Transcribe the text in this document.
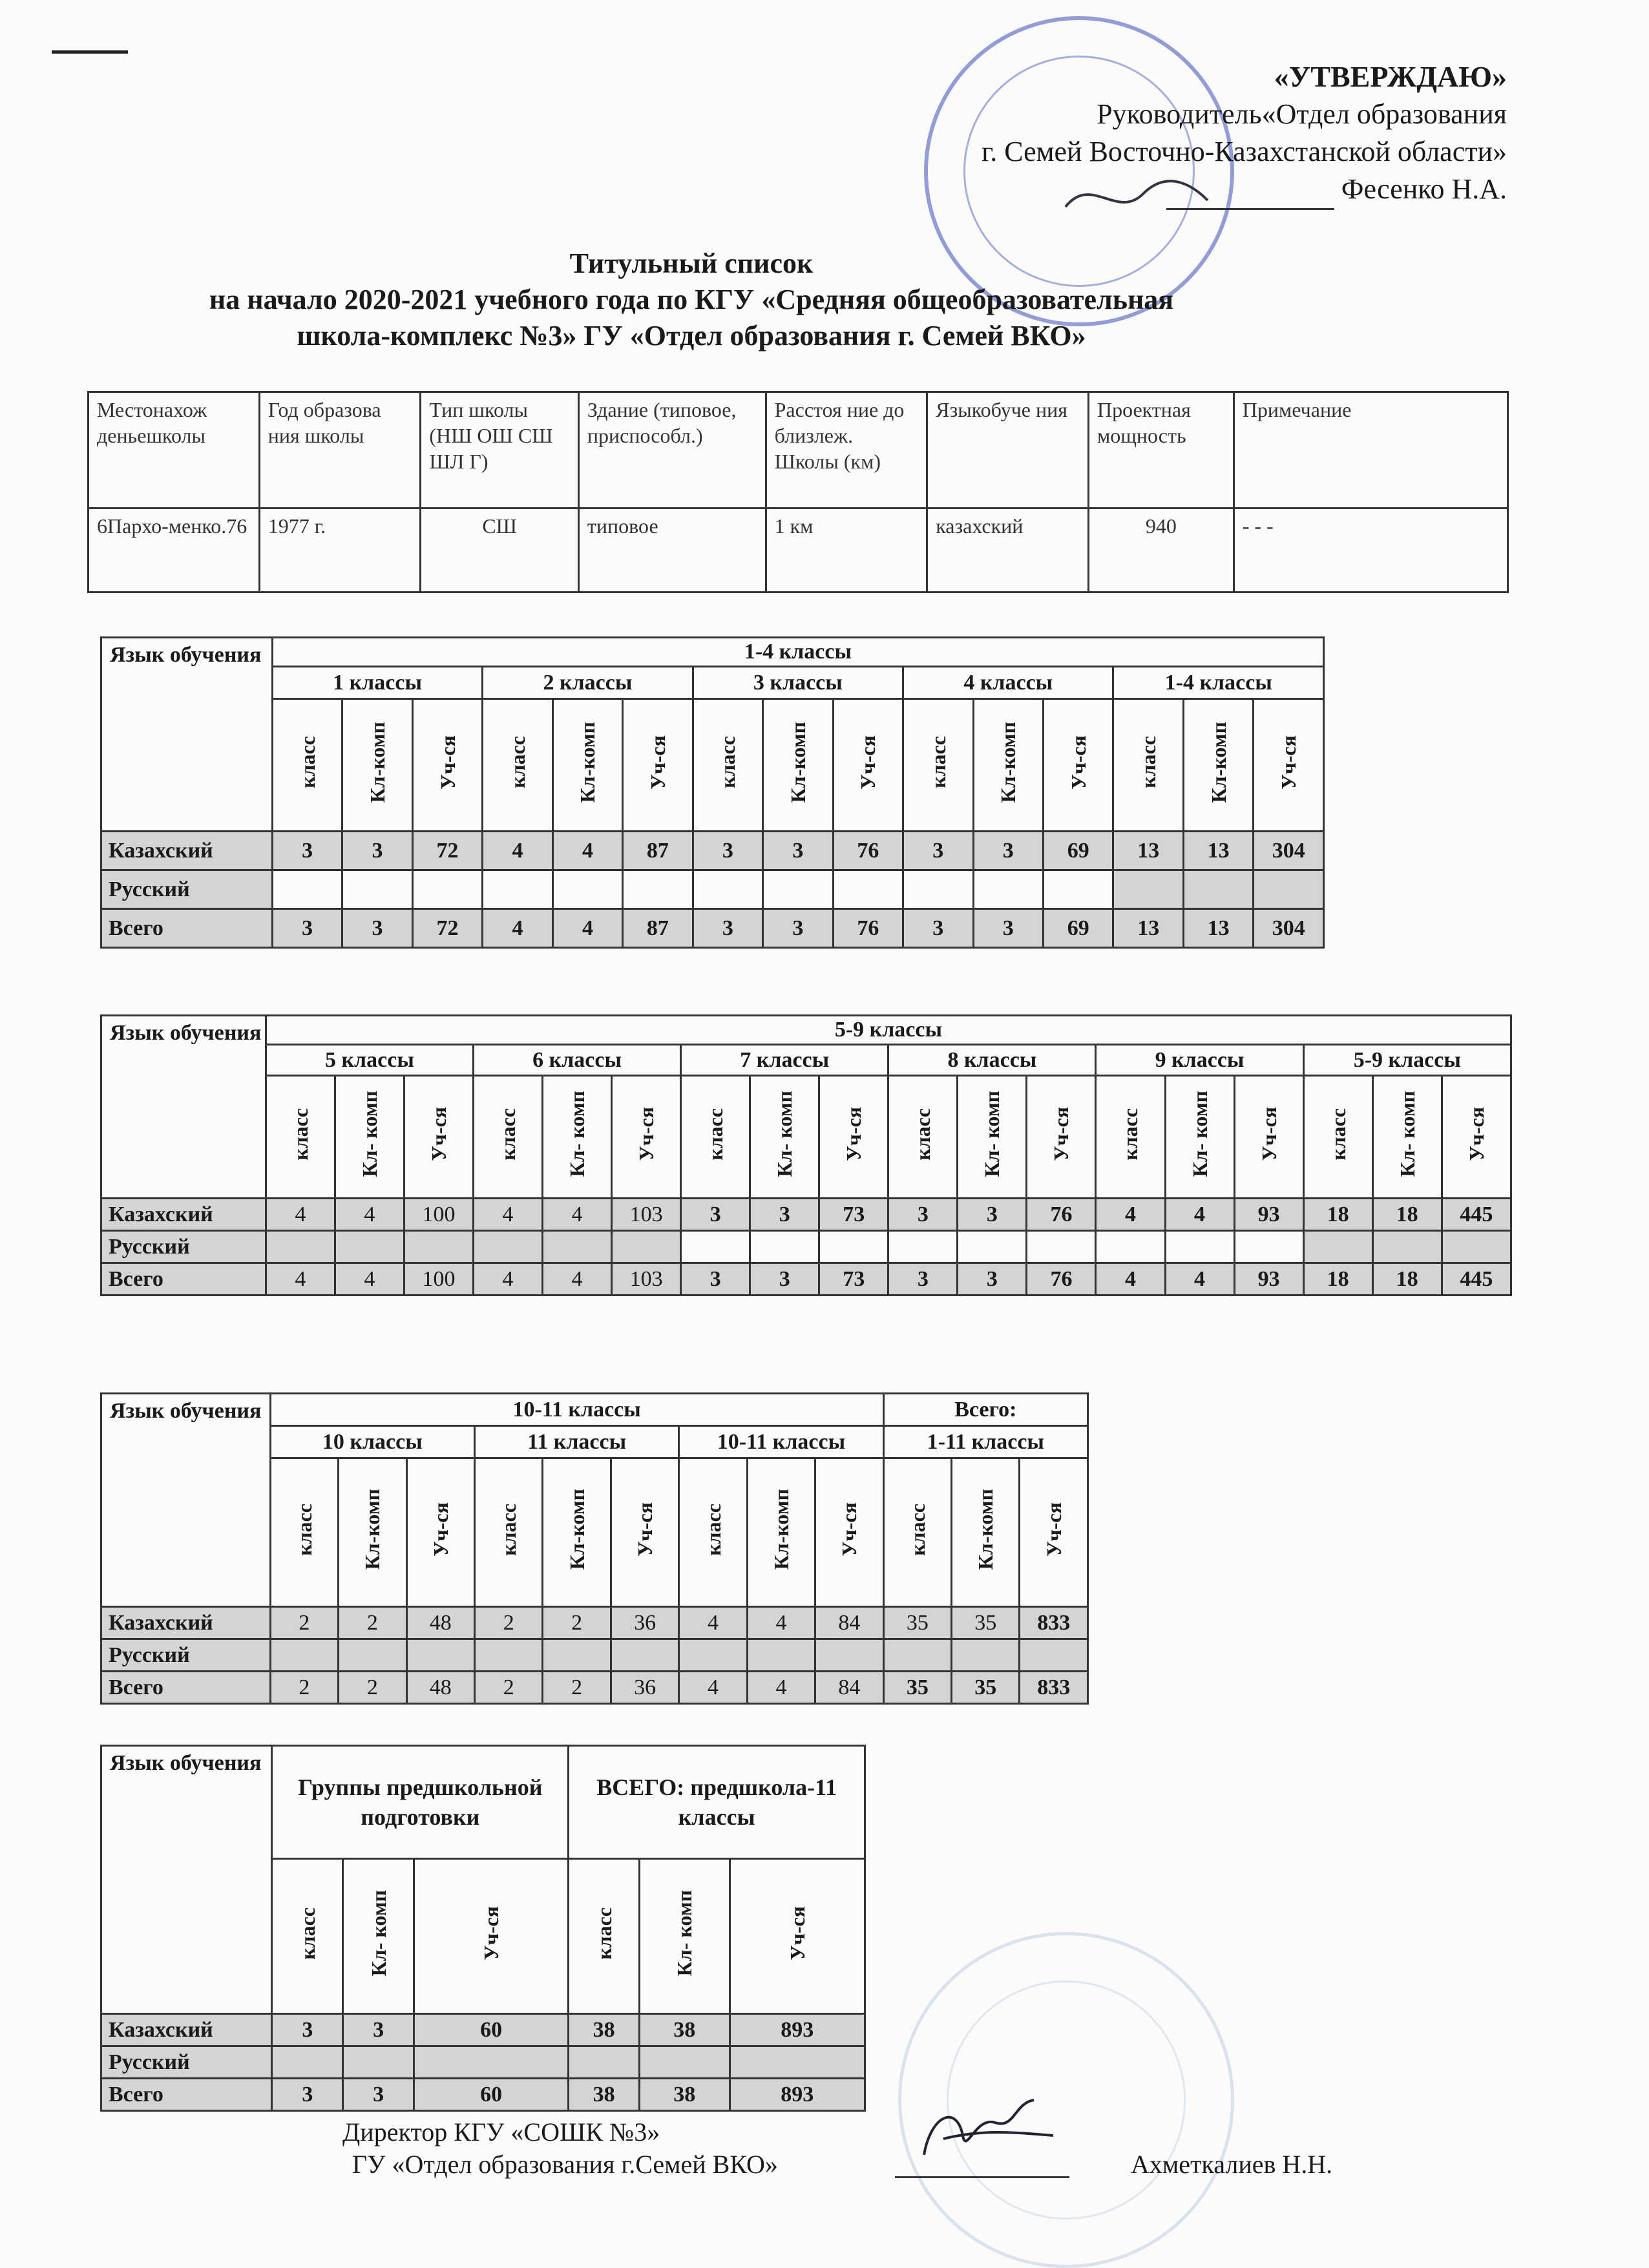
«УТВЕРЖДАЮ»
Руководитель«Отдел образования
г. Семей Восточно-Казахстанской области»
Фесенко Н.А.
Титульный список
на начало 2020-2021 учебного года по КГУ «Средняя общеобразовательная
школа-комплекс №3» ГУ «Отдел образования г. Семей ВКО»
Местонахож деньешколы	Год образова ния школы	Тип школы (НШ ОШ СШ ШЛ Г)	Здание (типовое, приспособл.)	Расстоя ние до близлеж. Школы (км)	Языкобуче ния	Проектная мощность	Примечание
6Пархо-менко.76	1977 г.	СШ	типовое	1 км	казахский	940	- - -
Язык обучения	1-4 классы														
	1 классы			2 классы			3 классы			4 классы			1-4 классы		
	класс	Кл-комп	Уч-ся	класс	Кл-комп	Уч-ся	класс	Кл-комп	Уч-ся	класс	Кл-комп	Уч-ся	класс	Кл-комп	Уч-ся
Казахский	3	3	72	4	4	87	3	3	76	3	3	69	13	13	304
Русский															
Всего	3	3	72	4	4	87	3	3	76	3	3	69	13	13	304
Язык обучения	5-9 классы																	
	5 классы			6 классы			7 классы			8 классы			9 классы			5-9 классы		
	класс	Кл- комп	Уч-ся	класс	Кл- комп	Уч-ся	класс	Кл- комп	Уч-ся	класс	Кл- комп	Уч-ся	класс	Кл- комп	Уч-ся	класс	Кл- комп	Уч-ся
Казахский	4	4	100	4	4	103	3	3	73	3	3	76	4	4	93	18	18	445
Русский																		
Всего	4	4	100	4	4	103	3	3	73	3	3	76	4	4	93	18	18	445
Язык обучения	10-11 классы									Всего:		
	10 классы			11 классы			10-11 классы			1-11 классы		
	класс	Кл-комп	Уч-ся	класс	Кл-комп	Уч-ся	класс	Кл-комп	Уч-ся	класс	Кл-комп	Уч-ся
Казахский	2	2	48	2	2	36	4	4	84	35	35	833
Русский												
Всего	2	2	48	2	2	36	4	4	84	35	35	833
Язык обучения	Группы предшкольной подготовки			ВСЕГО: предшкола-11 классы		
	класс	Кл- комп	Уч-ся	класс	Кл- комп	Уч-ся
Казахский	3	3	60	38	38	893
Русский						
Всего	3	3	60	38	38	893
Директор КГУ «СОШК №3»
ГУ «Отдел образования г.Семей ВКО»	Ахметкалиев Н.Н.
